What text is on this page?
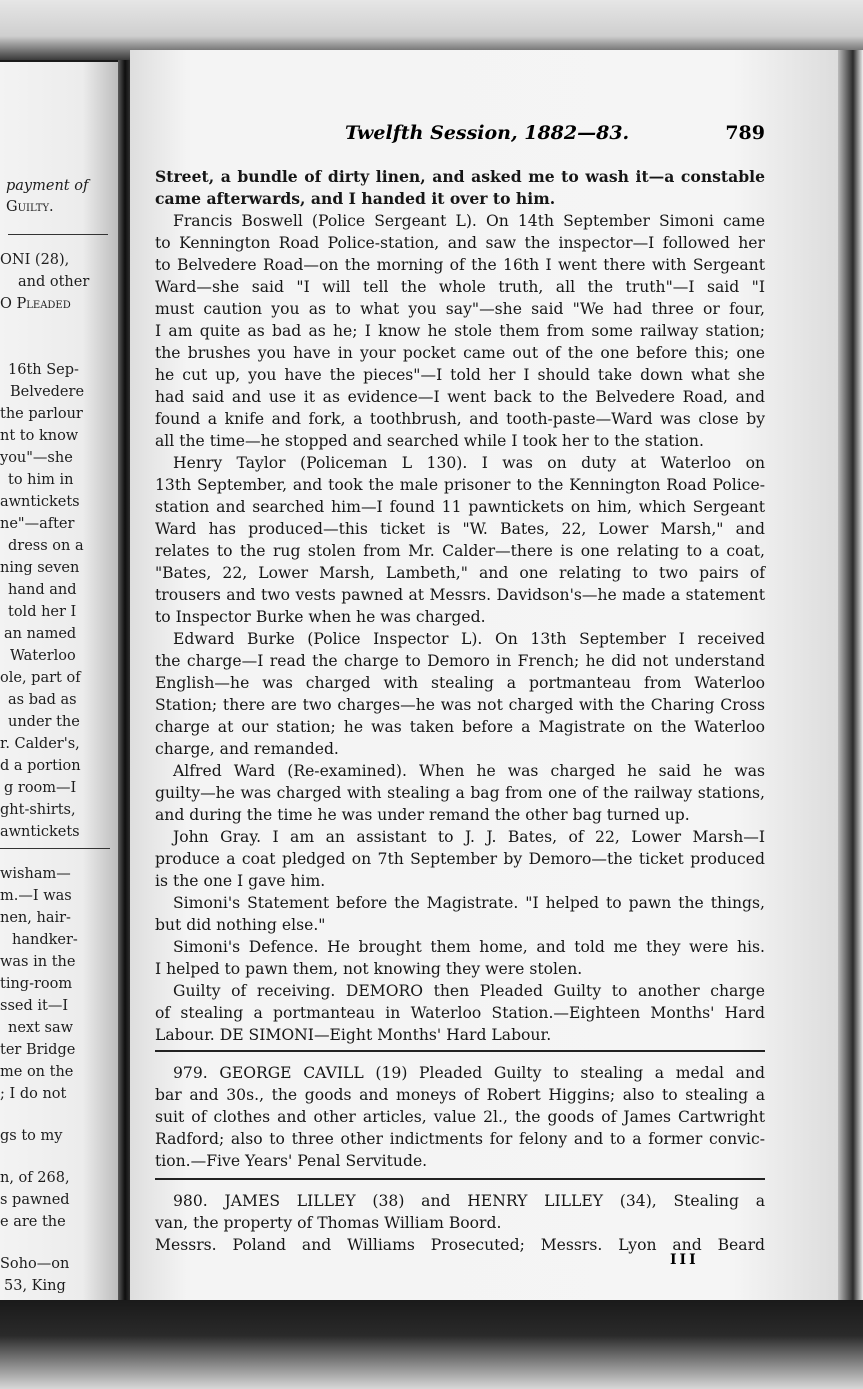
payment of
Guilty.
ONI (28),
and other
O Pleaded
16th Sep-
Belvedere
the parlour
nt to know
you"—she
to him in
awntickets
ne"—after
dress on a
ning seven
hand and
told her I
an named
Waterloo
ole, part of
as bad as
under the
r. Calder's,
d a portion
g room—I
ght-shirts,
awntickets
wisham—
m.—I was
nen, hair-
handker-
was in the
ting-room
ssed it—I
next saw
ter Bridge
me on the
; I do not
gs to my
n, of 268,
s pawned
e are the
Soho—on
53, King
Twelfth Session, 1882—83.	789
Street, a bundle of dirty linen, and asked me to wash it—a constable
came afterwards, and I handed it over to him.
Francis Boswell (Police Sergeant L). On 14th September Simoni came
to Kennington Road Police-station, and saw the inspector—I followed her
to Belvedere Road—on the morning of the 16th I went there with Sergeant
Ward—she said "I will tell the whole truth, all the truth"—I said "I
must caution you as to what you say"—she said "We had three or four,
I am quite as bad as he; I know he stole them from some railway station;
the brushes you have in your pocket came out of the one before this; one
he cut up, you have the pieces"—I told her I should take down what she
had said and use it as evidence—I went back to the Belvedere Road, and
found a knife and fork, a toothbrush, and tooth-paste—Ward was close by
all the time—he stopped and searched while I took her to the station.
Henry Taylor (Policeman L 130). I was on duty at Waterloo on
13th September, and took the male prisoner to the Kennington Road Police-
station and searched him—I found 11 pawntickets on him, which Sergeant
Ward has produced—this ticket is "W. Bates, 22, Lower Marsh," and
relates to the rug stolen from Mr. Calder—there is one relating to a coat,
"Bates, 22, Lower Marsh, Lambeth," and one relating to two pairs of
trousers and two vests pawned at Messrs. Davidson's—he made a statement
to Inspector Burke when he was charged.
Edward Burke (Police Inspector L). On 13th September I received
the charge—I read the charge to Demoro in French; he did not understand
English—he was charged with stealing a portmanteau from Waterloo
Station; there are two charges—he was not charged with the Charing Cross
charge at our station; he was taken before a Magistrate on the Waterloo
charge, and remanded.
Alfred Ward (Re-examined). When he was charged he said he was
guilty—he was charged with stealing a bag from one of the railway stations,
and during the time he was under remand the other bag turned up.
John Gray. I am an assistant to J. J. Bates, of 22, Lower Marsh—I
produce a coat pledged on 7th September by Demoro—the ticket produced
is the one I gave him.
Simoni's Statement before the Magistrate. "I helped to pawn the things,
but did nothing else."
Simoni's Defence. He brought them home, and told me they were his.
I helped to pawn them, not knowing they were stolen.
Guilty of receiving. DEMORO then Pleaded Guilty to another charge
of stealing a portmanteau in Waterloo Station.—Eighteen Months' Hard
Labour. DE SIMONI—Eight Months' Hard Labour.
979. GEORGE CAVILL (19) Pleaded Guilty to stealing a medal and
bar and 30s., the goods and moneys of Robert Higgins; also to stealing a
suit of clothes and other articles, value 2l., the goods of James Cartwright
Radford; also to three other indictments for felony and to a former convic-
tion.—Five Years' Penal Servitude.
980. JAMES LILLEY (38) and HENRY LILLEY (34), Stealing a
van, the property of Thomas William Boord.
Messrs. Poland and Williams Prosecuted; Messrs. Lyon and Beard
III
